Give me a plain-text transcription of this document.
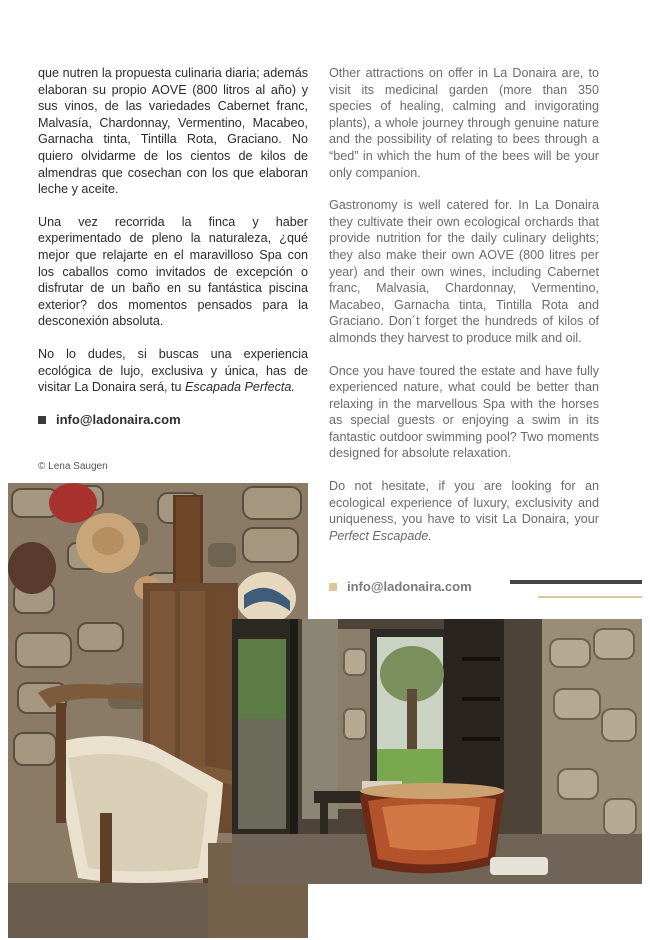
que nutren la propuesta culinaria diaria; además elaboran su propio AOVE (800 litros al año) y sus vinos, de las variedades Cabernet franc, Malvasía, Chardonnay, Vermentino, Macabeo, Garnacha tinta, Tintilla Rota, Graciano. No quiero olvidarme de los cientos de kilos de almendras que cosechan con los que elaboran leche y aceite.

Una vez recorrida la finca y haber experimentado de pleno la naturaleza, ¿qué mejor que relajarte en el maravilloso Spa con los caballos como invitados de excepción o disfrutar de un baño en su fantástica piscina exterior? dos momentos pensados para la desconexión absoluta.

No lo dudes, si buscas una experiencia ecológica de lujo, exclusiva y única, has de visitar La Donaira será, tu Escapada Perfecta.

info@ladonaira.com
© Lena Saugen

Other attractions on offer in La Donaira are, to visit its medicinal garden (more than 350 species of healing, calming and invigorating plants), a whole journey through genuine nature and the possibility of relating to bees through a “bed” in which the hum of the bees will be your only companion.

Gastronomy is well catered for. In La Donaira they cultivate their own ecological orchards that provide nutrition for the daily culinary delights; they also make their own AOVE (800 litres per year) and their own wines, including Cabernet franc, Malvasia, Chardonnay, Vermentino, Macabeo, Garnacha tinta, Tintilla Rota and Graciano. Don´t forget the hundreds of kilos of almonds they harvest to produce milk and oil.

Once you have toured the estate and have fully experienced nature, what could be better than relaxing in the marvellous Spa with the horses as special guests or enjoying a swim in its fantastic outdoor swimming pool? Two moments designed for absolute relaxation.

Do not hesitate, if you are looking for an ecological experience of luxury, exclusivity and uniqueness, you have to visit La Donaira, your Perfect Escapade.

info@ladonaira.com
